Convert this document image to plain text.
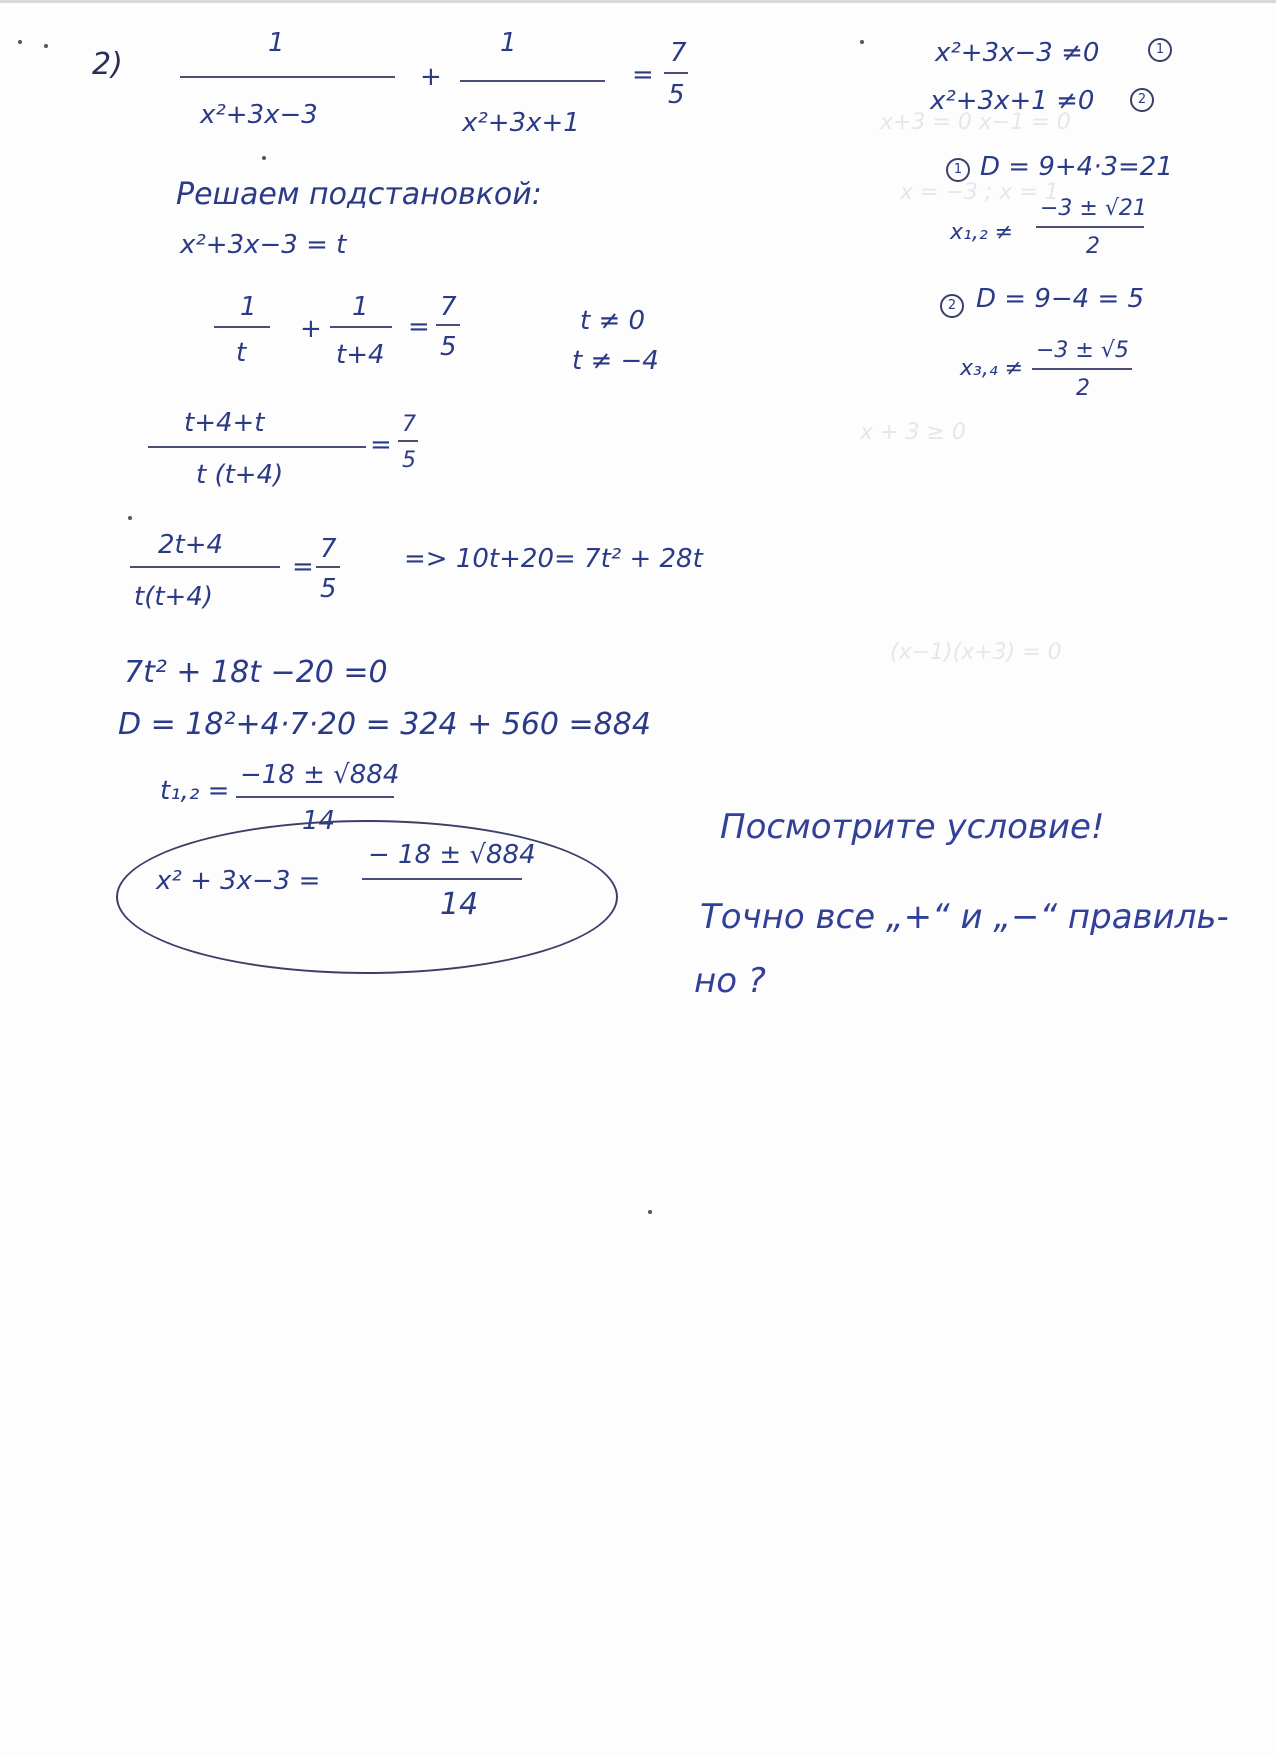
x+3 = 0 x−1 = 0
x = −3 ; x = 1
x + 3 ≥ 0
(x−1)(x+3) = 0
2)
1
x²+3x−3
+
1
x²+3x+1
=
7
5
x²+3x−3 ≠0	1
x²+3x+1 ≠0	2
1 D = 9+4·3=21
x₁,₂ ≠
−3 ± √21
2
2 D = 9−4 = 5
x₃,₄ ≠
−3 ± √5
2
Решаем подстановкой:
x²+3x−3 = t
1
t
+
1
t+4
=
7
5
t ≠ 0
t ≠ −4
t+4+t
t (t+4)
=
7
5
2t+4
t(t+4)
=
7
5
=> 10t+20= 7t² + 28t
7t² + 18t −20 =0
D = 18²+4·7·20 = 324 + 560 =884
t₁,₂ =
−18 ± √884
14
x² + 3x−3 =
− 18 ± √884
14
Посмотрите условие!
Точно все „+“ и „−“ правиль-
но ?
